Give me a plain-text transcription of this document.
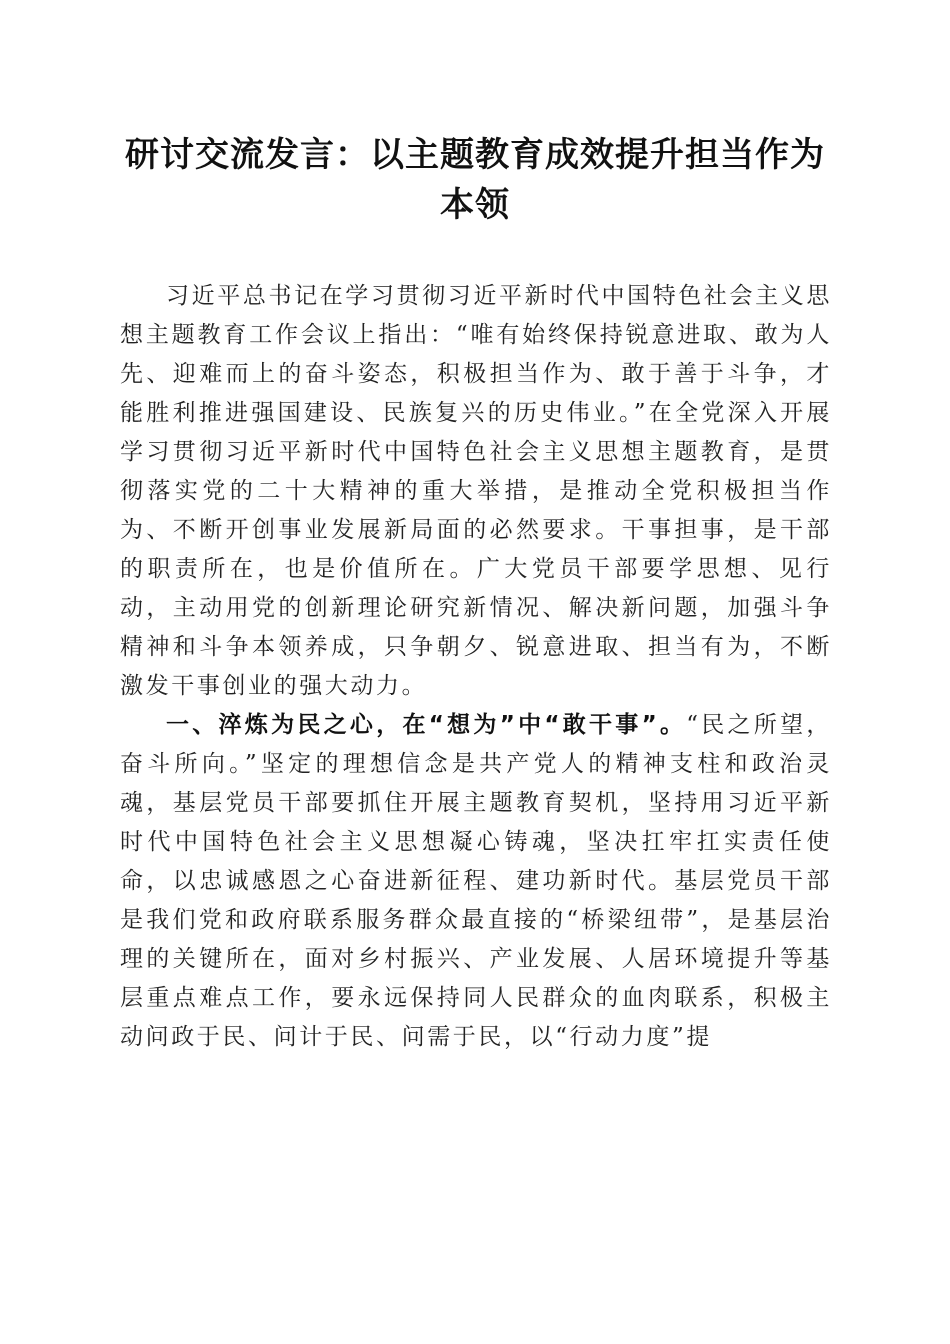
研讨交流发言：以主题教育成效提升担当作为本领

习近平总书记在学习贯彻习近平新时代中国特色社会主义思想主题教育工作会议上指出：“唯有始终保持锐意进取、敢为人先、迎难而上的奋斗姿态，积极担当作为、敢于善于斗争，才能胜利推进强国建设、民族复兴的历史伟业。”在全党深入开展学习贯彻习近平新时代中国特色社会主义思想主题教育，是贯彻落实党的二十大精神的重大举措，是推动全党积极担当作为、不断开创事业发展新局面的必然要求。干事担事，是干部的职责所在，也是价值所在。广大党员干部要学思想、见行动，主动用党的创新理论研究新情况、解决新问题，加强斗争精神和斗争本领养成，只争朝夕、锐意进取、担当有为，不断激发干事创业的强大动力。

一、淬炼为民之心，在“想为”中“敢干事”。“民之所望，奋斗所向。”坚定的理想信念是共产党人的精神支柱和政治灵魂，基层党员干部要抓住开展主题教育契机，坚持用习近平新时代中国特色社会主义思想凝心铸魂，坚决扛牢扛实责任使命，以忠诚感恩之心奋进新征程、建功新时代。基层党员干部是我们党和政府联系服务群众最直接的“桥梁纽带”，是基层治理的关键所在，面对乡村振兴、产业发展、人居环境提升等基层重点难点工作，要永远保持同人民群众的血肉联系，积极主动问政于民、问计于民、问需于民，以“行动力度”提
